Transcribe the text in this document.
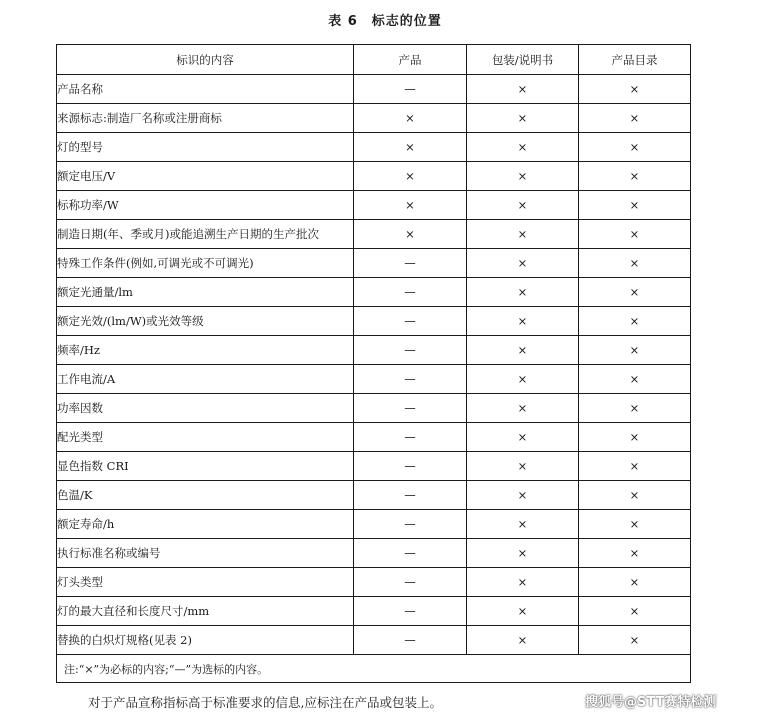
表 6　标志的位置
标识的内容	产品	包装/说明书	产品目录
产品名称	—	×	×
来源标志:制造厂名称或注册商标	×	×	×
灯的型号	×	×	×
额定电压/V	×	×	×
标称功率/W	×	×	×
制造日期(年、季或月)或能追溯生产日期的生产批次	×	×	×
特殊工作条件(例如,可调光或不可调光)	—	×	×
额定光通量/lm	—	×	×
额定光效/(lm/W)或光效等级	—	×	×
频率/Hz	—	×	×
工作电流/A	—	×	×
功率因数	—	×	×
配光类型	—	×	×
显色指数 CRI	—	×	×
色温/K	—	×	×
额定寿命/h	—	×	×
执行标准名称或编号	—	×	×
灯头类型	—	×	×
灯的最大直径和长度尺寸/mm	—	×	×
替换的白炽灯规格(见表 2)	—	×	×
注:“×”为必标的内容;“—”为选标的内容。			
对于产品宣称指标高于标准要求的信息,应标注在产品或包装上。	搜狐号@STT赛特检测
